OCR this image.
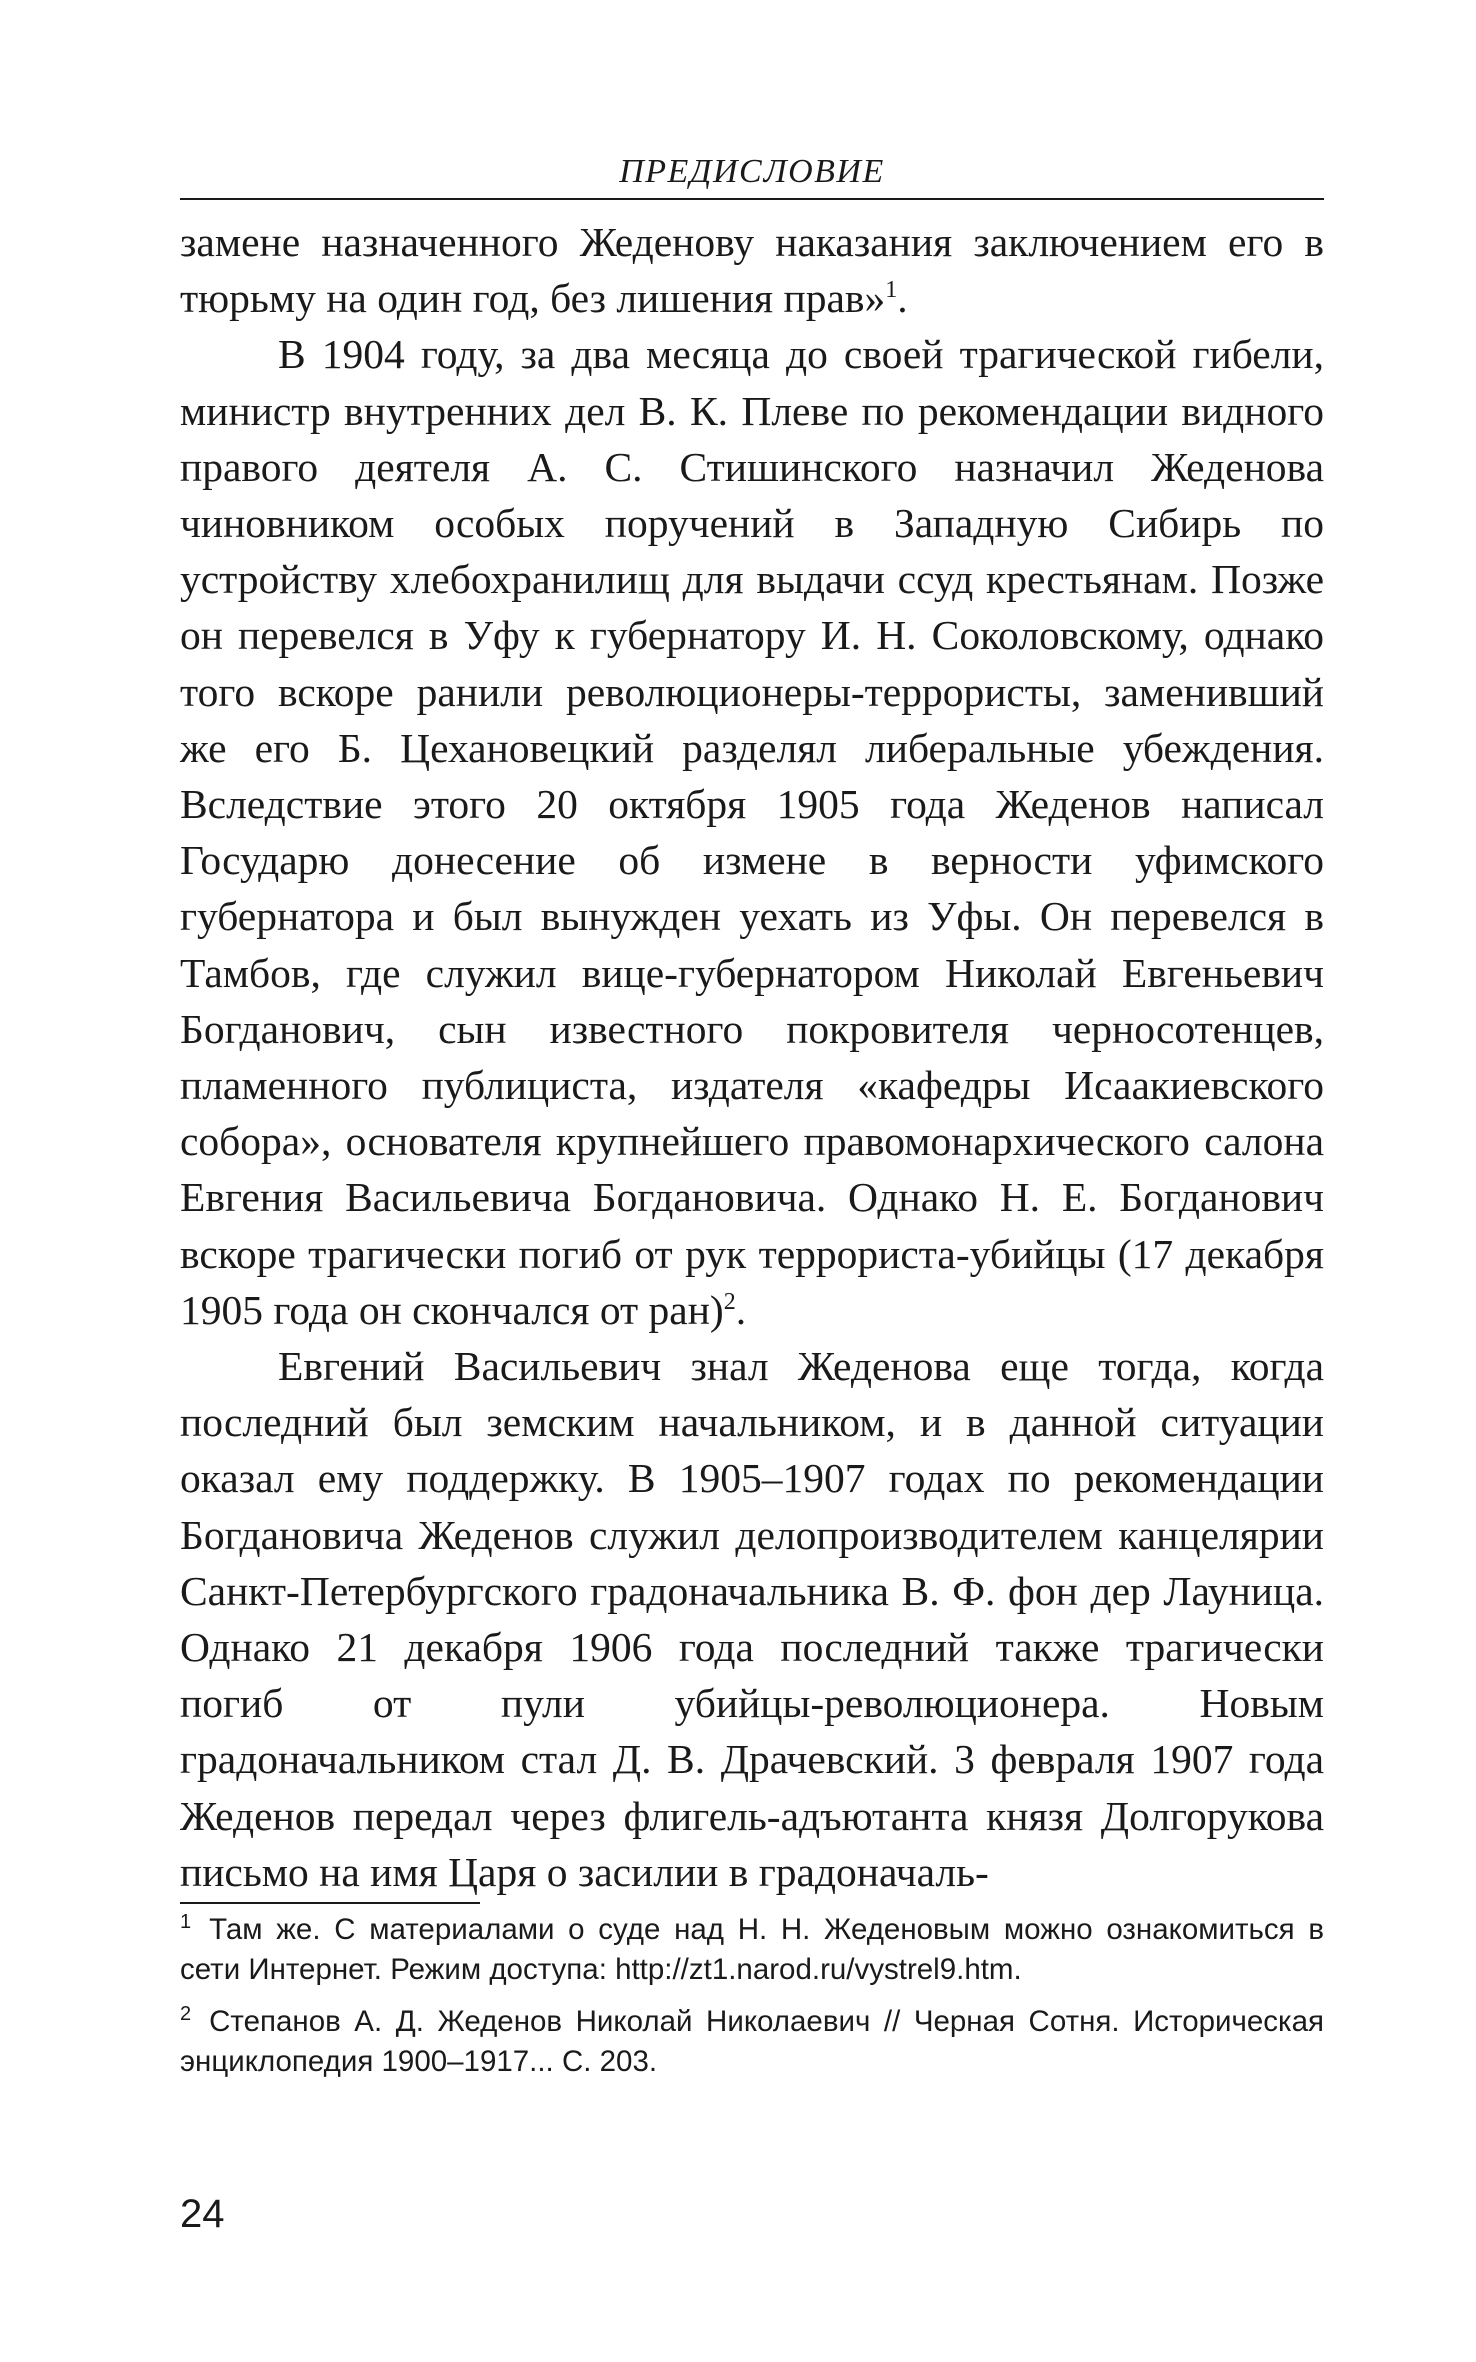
ПРЕДИСЛОВИЕ

замене назначенного Жеденову наказания заключением его в тюрьму на один год, без лишения прав»$^1$.

В 1904 году, за два месяца до своей трагической гибели, министр внутренних дел В. К. Плеве по рекомендации видного правого деятеля А. С. Стишинского назначил Жеденова чиновником особых поручений в Западную Сибирь по устройству хлебохранилищ для выдачи ссуд крестьянам. Позже он перевелся в Уфу к губернатору И. Н. Соколовскому, однако того вскоре ранили революционеры-террористы, заменивший же его Б. Цехановецкий разделял либеральные убеждения. Вследствие этого 20 октября 1905 года Жеденов написал Государю донесение об измене в верности уфимского губернатора и был вынужден уехать из Уфы. Он перевелся в Тамбов, где служил вице-губернатором Николай Евгеньевич Богданович, сын известного покровителя черносотенцев, пламенного публициста, издателя «кафедры Исаакиевского собора», основателя крупнейшего правомонархического салона Евгения Васильевича Богдановича. Однако Н. Е. Богданович вскоре трагически погиб от рук террориста-убийцы (17 декабря 1905 года он скончался от ран)$^2$.

Евгений Васильевич знал Жеденова еще тогда, когда последний был земским начальником, и в данной ситуации оказал ему поддержку. В 1905–1907 годах по рекомендации Богдановича Жеденов служил делопроизводителем канцелярии Санкт-Петербургского градоначальника В. Ф. фон дер Лауница. Однако 21 декабря 1906 года последний также трагически погиб от пули убийцы-революционера. Новым градоначальником стал Д. В. Драчевский. 3 февраля 1907 года Жеденов передал через флигель-адъютанта князя Долгорукова письмо на имя Царя о засилии в градоначаль-

$^1$ Там же. С материалами о суде над Н. Н. Жеденовым можно ознакомиться в сети Интернет. Режим доступа: http://zt1.narod.ru/vystrel9.htm.

$^2$ Степанов А. Д. Жеденов Николай Николаевич // Черная Сотня. Историческая энциклопедия 1900–1917... С. 203.

24
